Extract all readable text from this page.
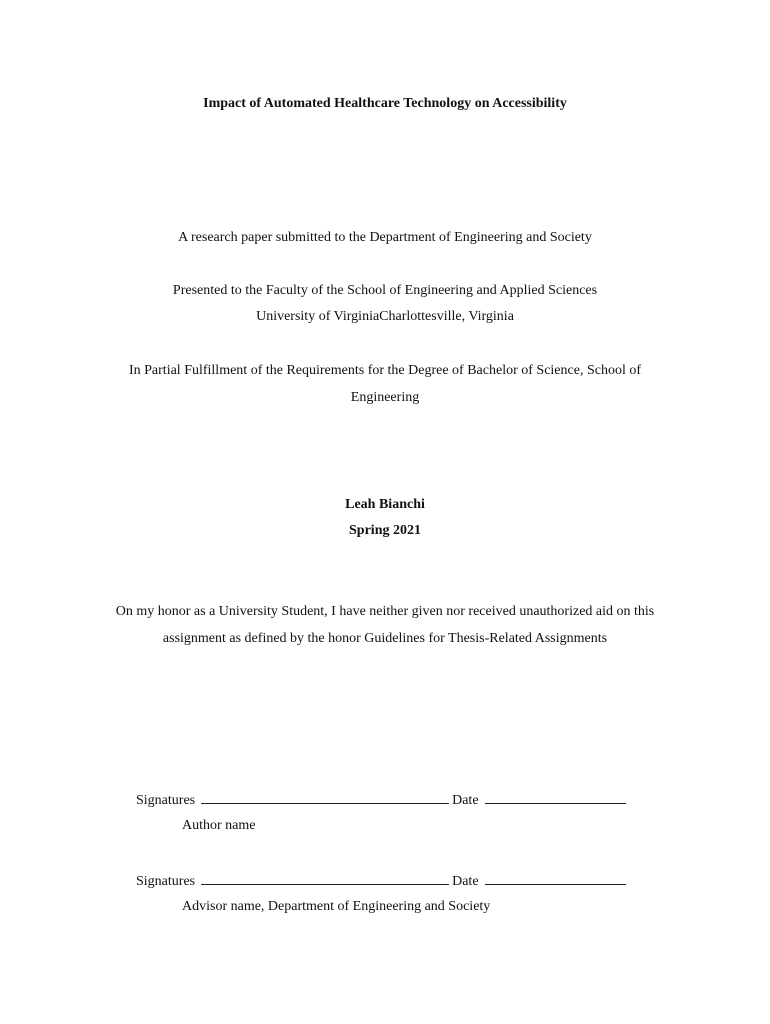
Impact of Automated Healthcare Technology on Accessibility
A research paper submitted to the Department of Engineering and Society
Presented to the Faculty of the School of Engineering and Applied Sciences
University of VirginiaCharlottesville, Virginia
In Partial Fulfillment of the Requirements for the Degree of Bachelor of Science, School of
Engineering
Leah Bianchi
Spring 2021
On my honor as a University Student, I have neither given nor received unauthorized aid on this
assignment as defined by the honor Guidelines for Thesis-Related Assignments
Signatures	Date
Author name
Signatures	Date
Advisor name, Department of Engineering and Society
